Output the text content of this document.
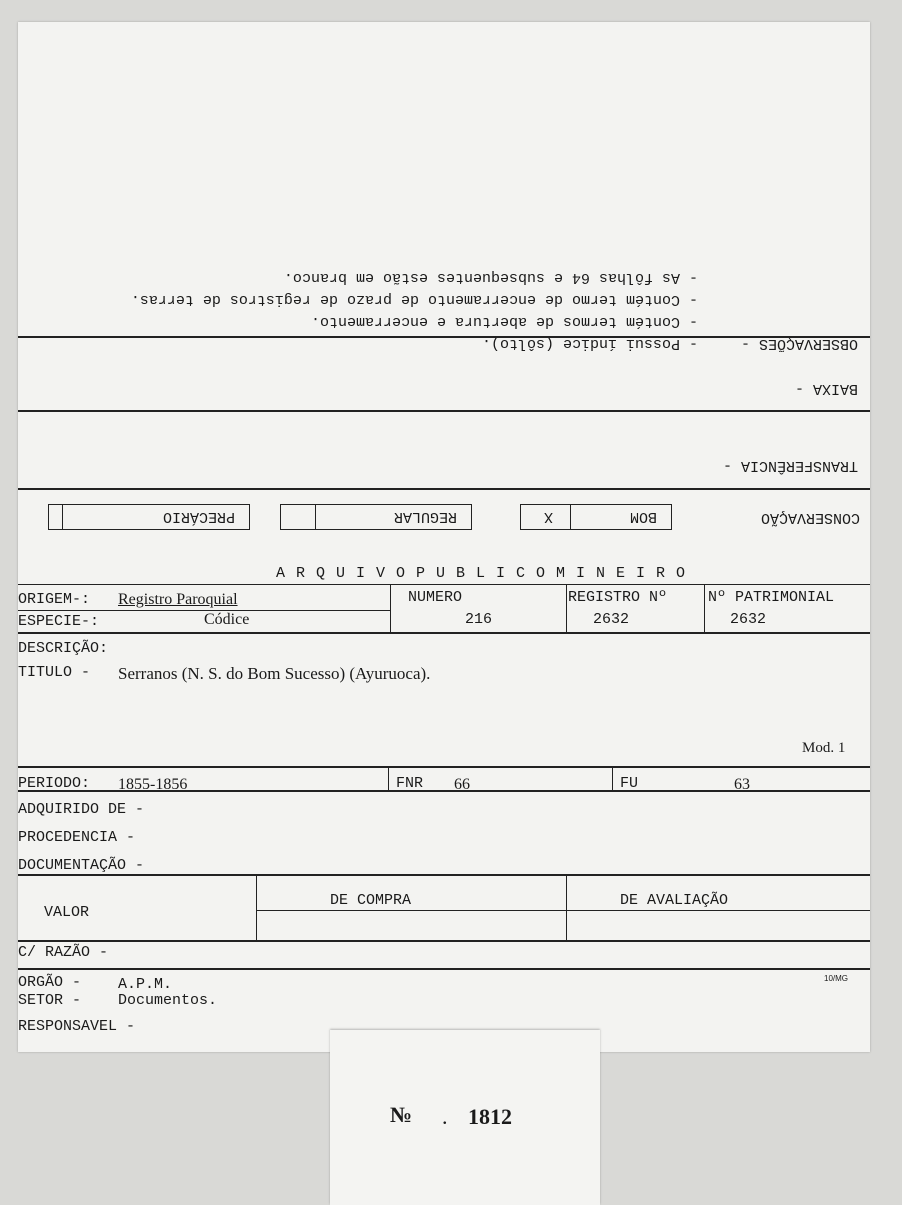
OBSERVAÇÕES -
- Possui índice (sôlto).
- Contém termos de abertura e encerramento.
- Contém termo de encerramento de prazo de registros de terras.
- As fôlhas 64 e subsequentes estão em branco.
BAIXA -
TRANSFERÊNCIA -
CONSERVAÇÃO
BOM
X
REGULAR
PRECÁRIO
A R Q U I V O P U B L I C O M I N E I R O
ORIGEM-: Registro Paroquial	NUMERO	REGISTRO Nº	Nº PATRIMONIAL
ESPECIE-:	Códice	216	2632	2632
DESCRIÇÃO:
TITULO - Serranos (N. S. do Bom Sucesso) (Ayuruoca).
Mod. 1
PERIODO: 1855-1856	FNR 66	FU	63
ADQUIRIDO DE -
PROCEDENCIA -
DOCUMENTAÇÃO -
VALOR
DE COMPRA	DE AVALIAÇÃO
C/ RAZÃO -
ORGÃO - A.P.M.
SETOR - Documentos.
RESPONSAVEL -
10/MG
№ . 1812
